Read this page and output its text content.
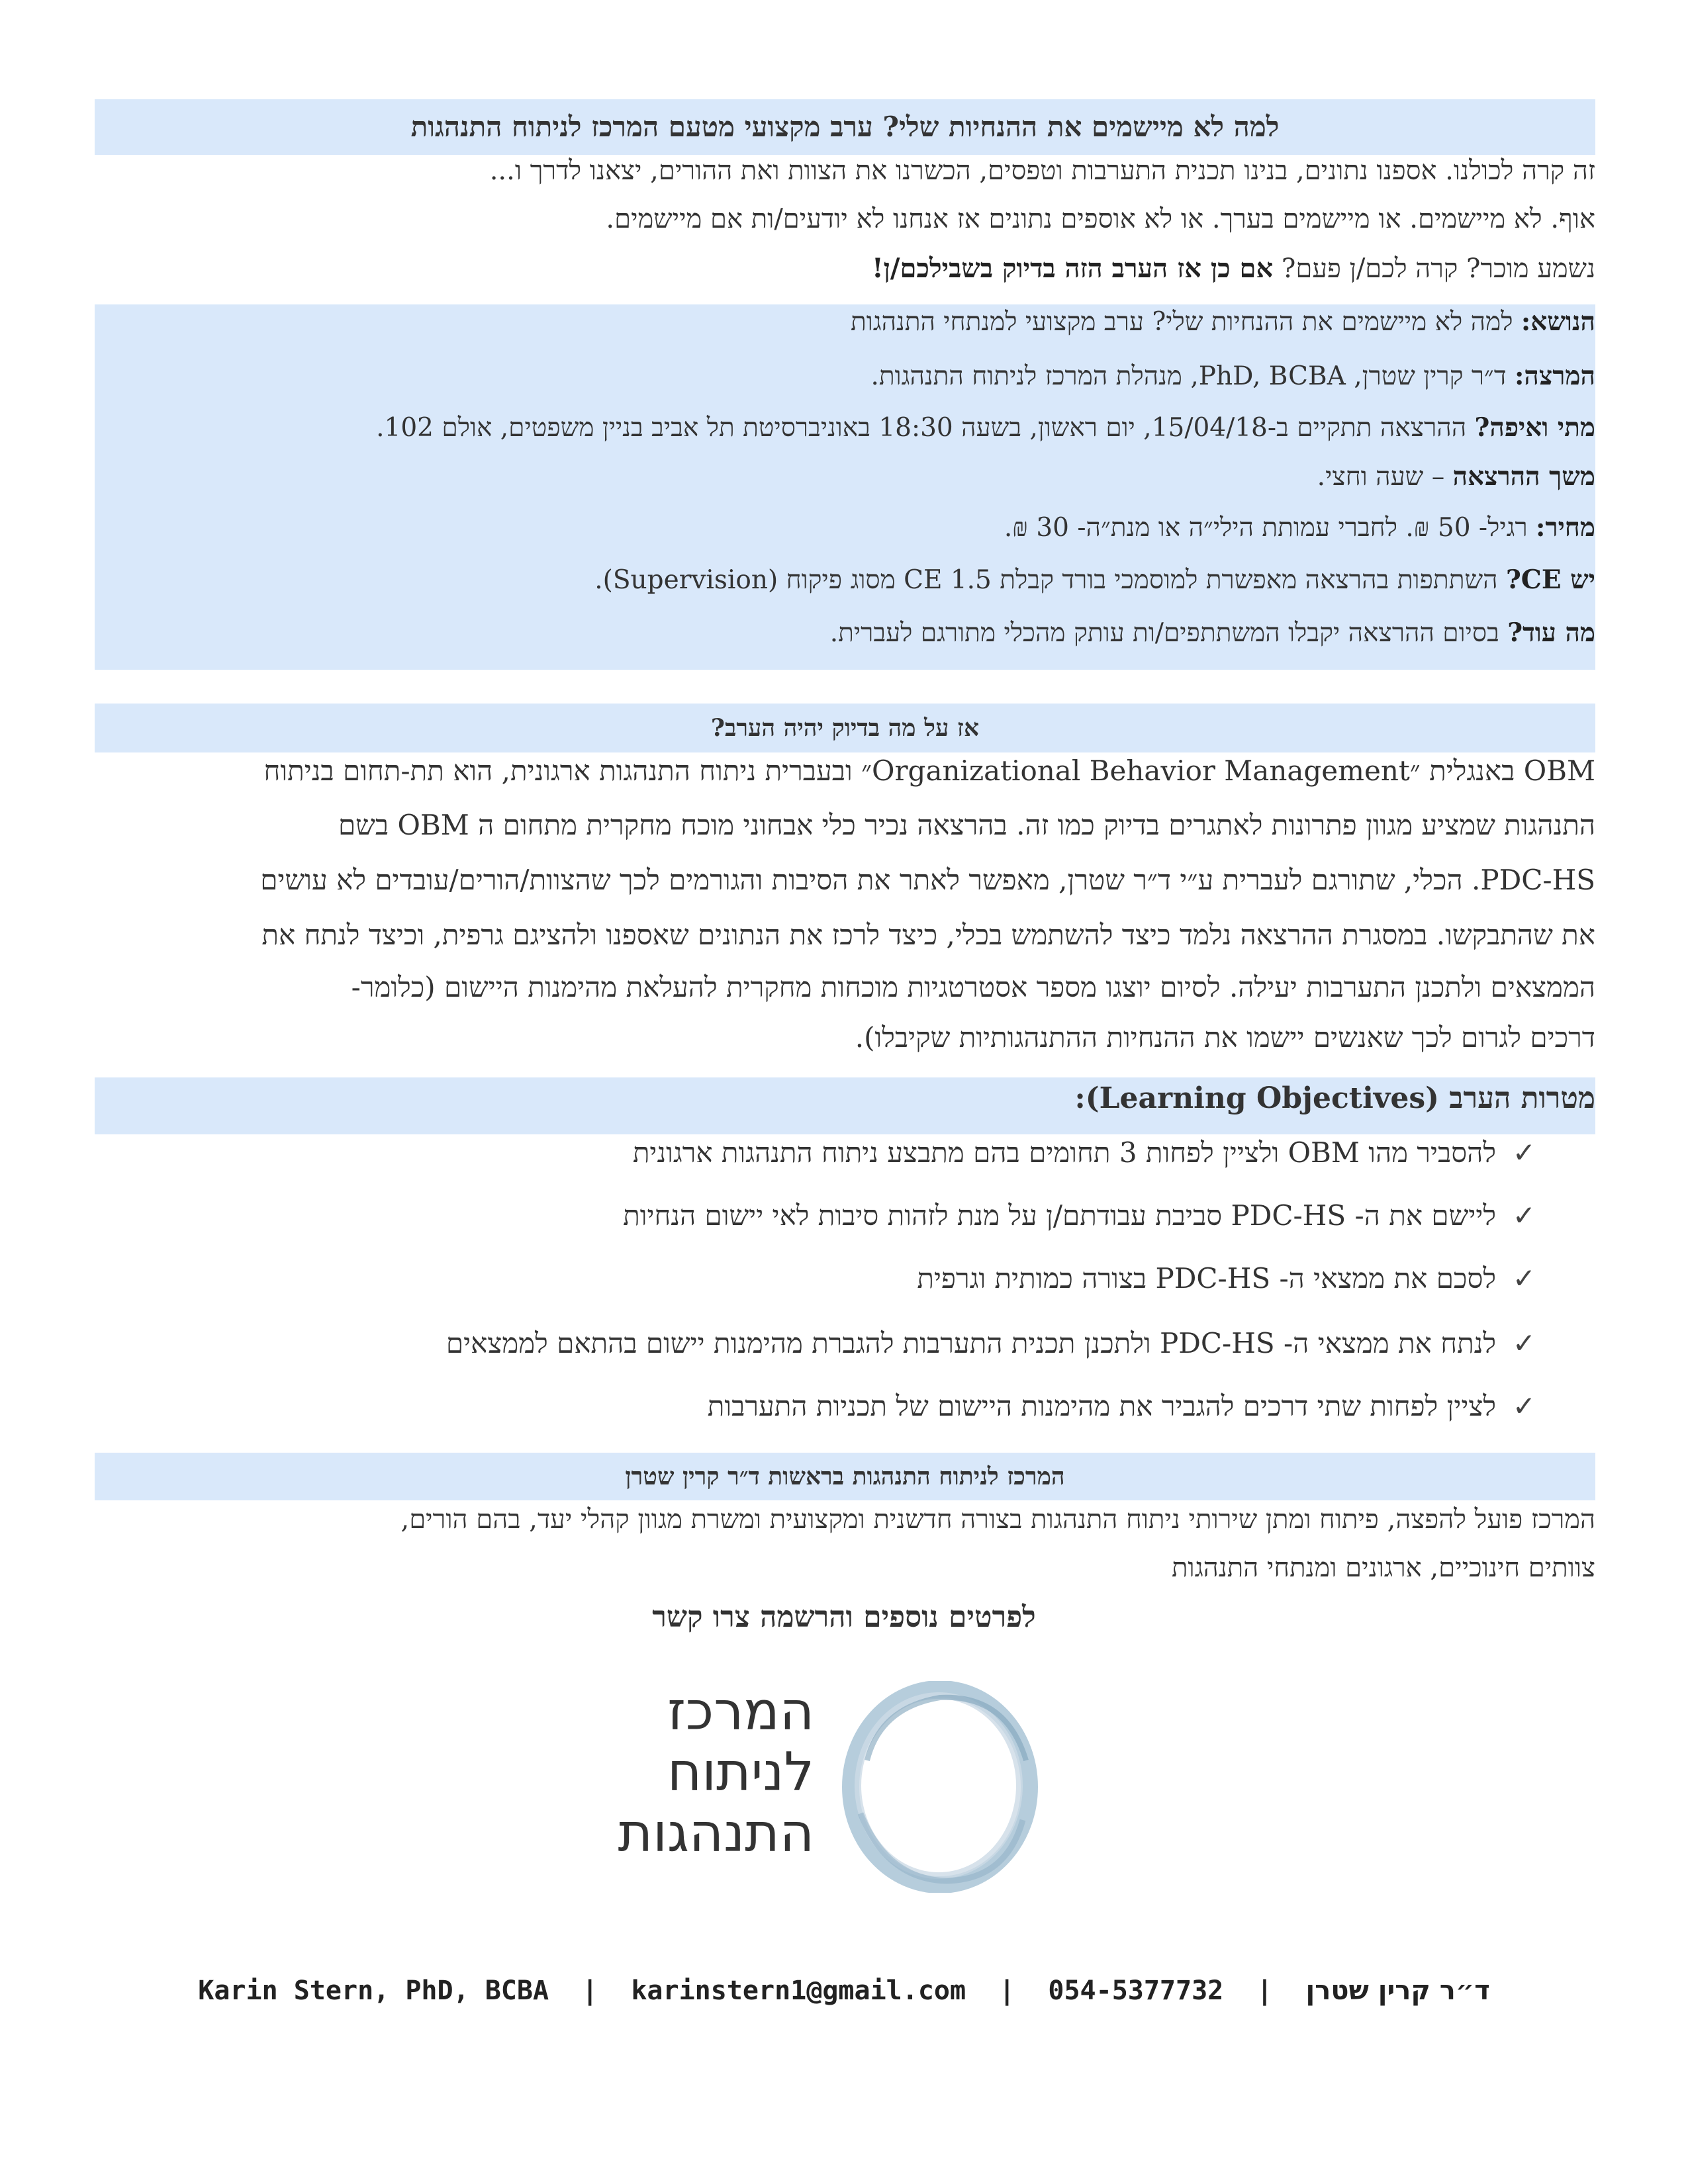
למה לא מיישמים את ההנחיות שלי? ערב מקצועי מטעם המרכז לניתוח התנהגות
זה קרה לכולנו. אספנו נתונים, בנינו תכנית התערבות וטפסים, הכשרנו את הצוות ואת ההורים, יצאנו לדרך ו...
אוף. לא מיישמים. או מיישמים בערך. או לא אוספים נתונים אז אנחנו לא יודעים/ות אם מיישמים.
נשמע מוכר? קרה לכם/ן פעם? אם כן אז הערב הזה בדיוק בשבילכם/ן!
הנושא: למה לא מיישמים את ההנחיות שלי? ערב מקצועי למנתחי התנהגות
המרצה: ד״ר קרין שטרן, PhD, BCBA, מנהלת המרכז לניתוח התנהגות.
מתי ואיפה? ההרצאה תתקיים ב-15/04/18, יום ראשון, בשעה 18:30 באוניברסיטת תל אביב בניין משפטים, אולם 102.
משך ההרצאה – שעה וחצי.
מחיר: רגיל- 50 ₪. לחברי עמותת הילי״ה או מנת״ה- 30 ₪.
יש CE? השתתפות בהרצאה מאפשרת למוסמכי בורד קבלת CE 1.5 מסוג פיקוח (Supervision).
מה עוד? בסיום ההרצאה יקבלו המשתתפים/ות עותק מהכלי מתורגם לעברית.
אז על מה בדיוק יהיה הערב?
OBM באנגלית ״Organizational Behavior Management״ ובעברית ניתוח התנהגות ארגונית, הוא תת-תחום בניתוח
התנהגות שמציע מגוון פתרונות לאתגרים בדיוק כמו זה. בהרצאה נכיר כלי אבחוני מוכח מחקרית מתחום ה OBM בשם
PDC-HS. הכלי, שתורגם לעברית ע״י ד״ר שטרן, מאפשר לאתר את הסיבות והגורמים לכך שהצוות/הורים/עובדים לא עושים
את שהתבקשו. במסגרת ההרצאה נלמד כיצד להשתמש בכלי, כיצד לרכז את הנתונים שאספנו ולהציגם גרפית, וכיצד לנתח את
הממצאים ולתכנן התערבות יעילה. לסיום יוצגו מספר אסטרטגיות מוכחות מחקרית להעלאת מהימנות היישום (כלומר-
דרכים לגרום לכך שאנשים יישמו את ההנחיות ההתנהגותיות שקיבלו).
מטרות הערב (Learning Objectives):
להסביר מהו OBM ולציין לפחות 3 תחומים בהם מתבצע ניתוח התנהגות ארגונית ✓
ליישם את ה- PDC-HS סביבת עבודתם/ן על מנת לזהות סיבות לאי יישום הנחיות ✓
לסכם את ממצאי ה- PDC-HS בצורה כמותית וגרפית ✓
לנתח את ממצאי ה- PDC-HS ולתכנן תכנית התערבות להגברת מהימנות יישום בהתאם לממצאים ✓
לציין לפחות שתי דרכים להגביר את מהימנות היישום של תכניות התערבות ✓
המרכז לניתוח התנהגות בראשות ד״ר קרין שטרן
המרכז פועל להפצה, פיתוח ומתן שירותי ניתוח התנהגות בצורה חדשנית ומקצועית ומשרת מגוון קהלי יעד, בהם הורים,
צוותים חינוכיים, ארגונים ומנתחי התנהגות
לפרטים נוספים והרשמה צרו קשר
המרכז
לניתוח
התנהגות
Karin Stern, PhD, BCBA | karinstern1@gmail.com | 054-5377732 | ד״ר קרין שטרן
